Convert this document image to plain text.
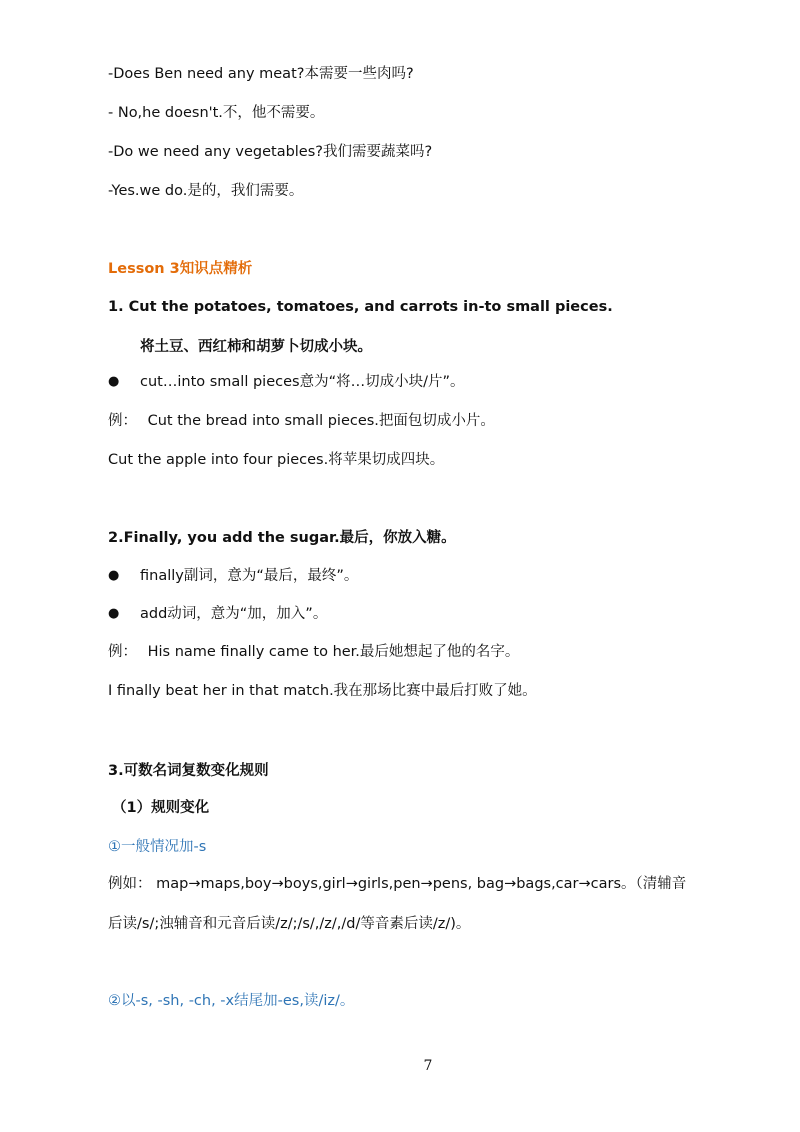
-Does Ben need any meat?本需要一些肉吗?
- No,he doesn't.不，他不需要。
-Do we need any vegetables?我们需要蔬菜吗?
-Yes.we do.是的，我们需要。
Lesson 3知识点精析
1. Cut the potatoes, tomatoes, and carrots in-to small pieces.
将土豆、西红柿和胡萝卜切成小块。
● cut…into small pieces意为“将…切成小块/片”。
例： Cut the bread into small pieces.把面包切成小片。
Cut the apple into four pieces.将苹果切成四块。
2.Finally, you add the sugar.最后，你放入糖。
● finally副词，意为“最后，最终”。
● add动词，意为“加，加入”。
例： His name finally came to her.最后她想起了他的名字。
I finally beat her in that match.我在那场比赛中最后打败了她。
3.可数名词复数变化规则
（1）规则变化
①一般情况加-s
例如： map→maps,boy→boys,girl→girls,pen→pens, bag→bags,car→cars。（清辅音
后读/s/;浊辅音和元音后读/z/;/s/,/z/,/d/等音素后读/z/)。
②以-s, -sh, -ch, -x结尾加-es,读/iz/。
7
